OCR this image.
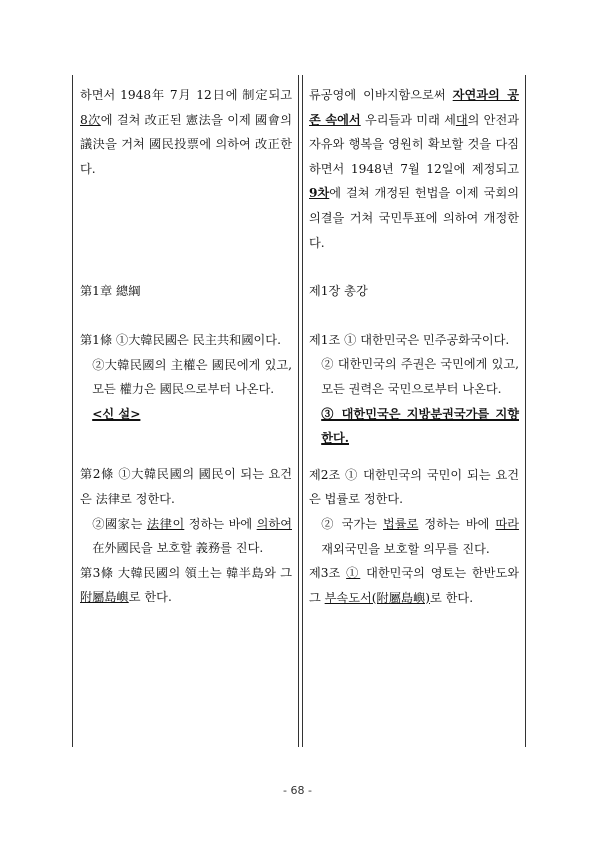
하면서 1948年 7月 12日에 制定되고 8次에 걸쳐 改正된 憲法을 이제 國會의 議決을 거쳐 國民投票에 의하여 改正한다.

第1章 總綱

第1條 ①大韓民國은 民主共和國이다.

②大韓民國의 主權은 國民에게 있고, 모든 權力은 國民으로부터 나온다.

<신 설>

第2條 ①大韓民國의 國民이 되는 요건은 法律로 정한다.

②國家는 法律이 정하는 바에 의하여 在外國民을 보호할 義務를 진다.

第3條 大韓民國의 領土는 韓半島와 그 附屬島嶼로 한다.

류공영에 이바지함으로써 자연과의 공존 속에서 우리들과 미래 세대의 안전과 자유와 행복을 영원히 확보할 것을 다짐하면서 1948년 7월 12일에 제정되고 9차에 걸쳐 개정된 헌법을 이제 국회의 의결을 거쳐 국민투표에 의하여 개정한다.

제1장 총강

제1조 ① 대한민국은 민주공화국이다.

② 대한민국의 주권은 국민에게 있고, 모든 권력은 국민으로부터 나온다.

③ 대한민국은 지방분권국가를 지향한다.

제2조 ① 대한민국의 국민이 되는 요건은 법률로 정한다.

② 국가는 법률로 정하는 바에 따라 재외국민을 보호할 의무를 진다.

제3조 ① 대한민국의 영토는 한반도와 그 부속도서(附屬島嶼)로 한다.

- 68 -
